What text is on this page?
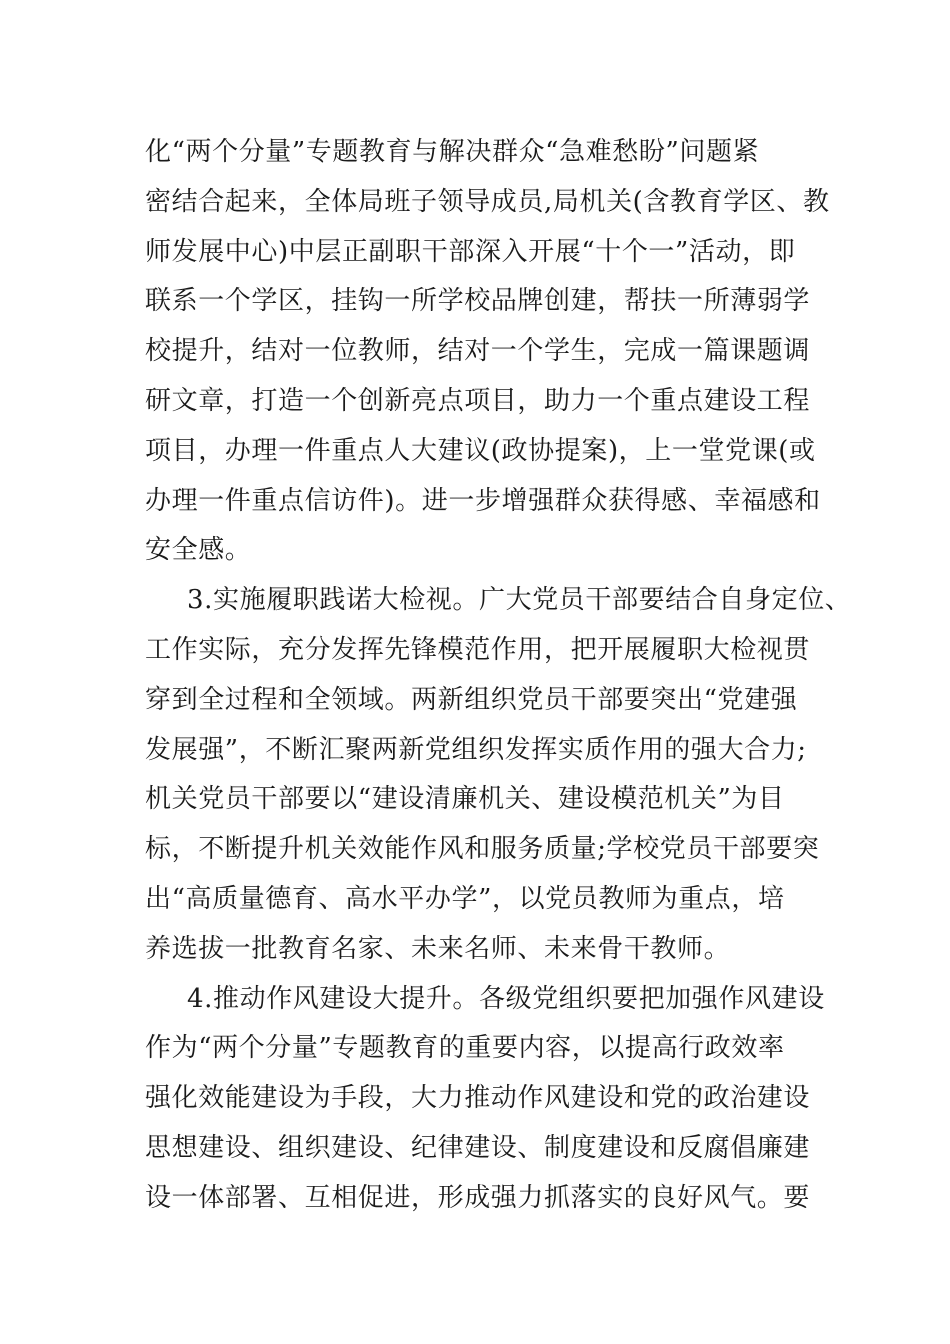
化“两个分量”专题教育与解决群众“急难愁盼”问题紧
密结合起来，全体局班子领导成员,局机关(含教育学区、教
师发展中心)中层正副职干部深入开展“十个一”活动，即
联系一个学区，挂钩一所学校品牌创建，帮扶一所薄弱学
校提升，结对一位教师，结对一个学生，完成一篇课题调
研文章，打造一个创新亮点项目，助力一个重点建设工程
项目，办理一件重点人大建议(政协提案)，上一堂党课(或
办理一件重点信访件)。进一步增强群众获得感、幸福感和
安全感。
3.实施履职践诺大检视。广大党员干部要结合自身定位、
工作实际，充分发挥先锋模范作用，把开展履职大检视贯
穿到全过程和全领域。两新组织党员干部要突出“党建强
发展强”，不断汇聚两新党组织发挥实质作用的强大合力;
机关党员干部要以“建设清廉机关、建设模范机关”为目
标，不断提升机关效能作风和服务质量;学校党员干部要突
出“高质量德育、高水平办学”，以党员教师为重点，培
养选拔一批教育名家、未来名师、未来骨干教师。
4.推动作风建设大提升。各级党组织要把加强作风建设
作为“两个分量”专题教育的重要内容，以提高行政效率
强化效能建设为手段，大力推动作风建设和党的政治建设
思想建设、组织建设、纪律建设、制度建设和反腐倡廉建
设一体部署、互相促进，形成强力抓落实的良好风气。要
